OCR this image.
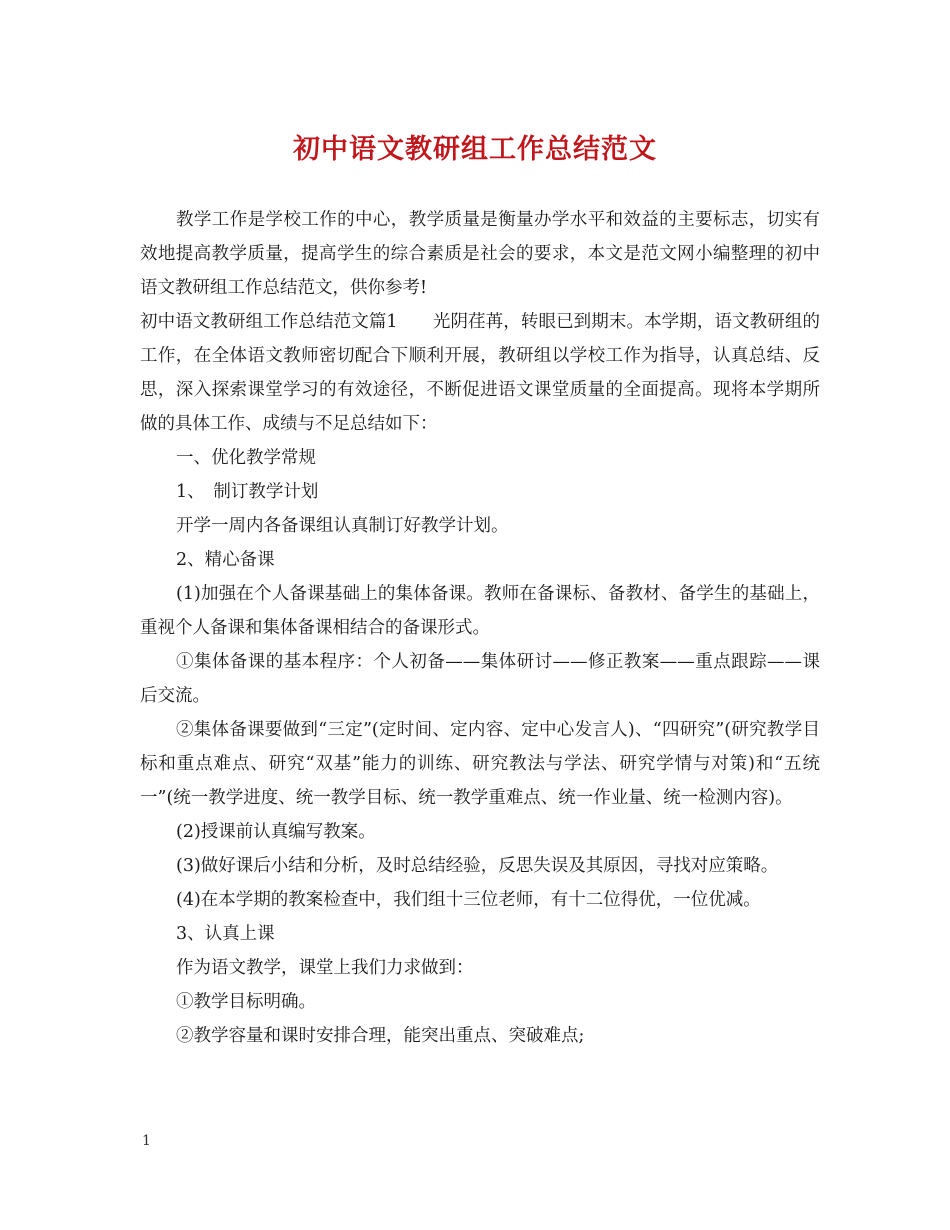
初中语文教研组工作总结范文

教学工作是学校工作的中心，教学质量是衡量办学水平和效益的主要标志，切实有效地提高教学质量，提高学生的综合素质是社会的要求，本文是范文网小编整理的初中语文教研组工作总结范文，供你参考!

初中语文教研组工作总结范文篇1　　光阴荏苒，转眼已到期末。本学期，语文教研组的工作，在全体语文教师密切配合下顺利开展，教研组以学校工作为指导，认真总结、反思，深入探索课堂学习的有效途径，不断促进语文课堂质量的全面提高。现将本学期所做的具体工作、成绩与不足总结如下：

一、优化教学常规

1、　制订教学计划

开学一周内各备课组认真制订好教学计划。

2、精心备课

(1)加强在个人备课基础上的集体备课。教师在备课标、备教材、备学生的基础上，重视个人备课和集体备课相结合的备课形式。

①集体备课的基本程序：个人初备——集体研讨——修正教案——重点跟踪——课后交流。

②集体备课要做到“三定”(定时间、定内容、定中心发言人)、“四研究”(研究教学目标和重点难点、研究“双基”能力的训练、研究教法与学法、研究学情与对策)和“五统一”(统一教学进度、统一教学目标、统一教学重难点、统一作业量、统一检测内容)。

(2)授课前认真编写教案。

(3)做好课后小结和分析，及时总结经验，反思失误及其原因，寻找对应策略。

(4)在本学期的教案检查中，我们组十三位老师，有十二位得优，一位优减。

3、认真上课

作为语文教学，课堂上我们力求做到：

①教学目标明确。

②教学容量和课时安排合理，能突出重点、突破难点;

1
